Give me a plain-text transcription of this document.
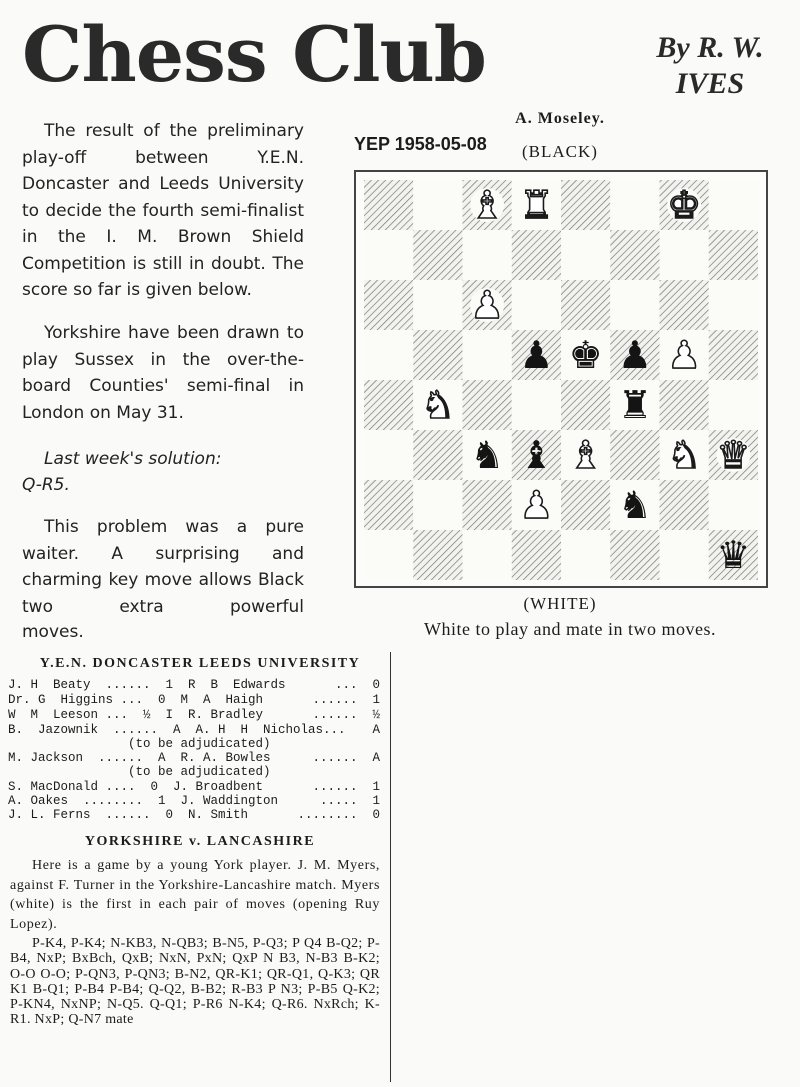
Chess Club	By R. W.
IVES
The result of the preliminary play-off between Y.E.N. Doncaster and Leeds University to decide the fourth semi-finalist in the I. M. Brown Shield Competition is still in doubt. The score so far is given below.
Yorkshire have been drawn to play Sussex in the over-the-board Counties' semi-final in London on May 31.
Last week's solution:
Q-R5.
This problem was a pure waiter. A surprising and charming key move allows Black two extra powerful
moves.
YEP 1958-05-08
A. Moseley.
(BLACK)
♝ ♜	♚
♟
♟ ♚ ♟ ♟
♞	♜
♞ ♝ ♝ ♞ ♛
♟ ♞
♛
(WHITE)
White to play and mate in two moves.
Y.E.N. DONCASTER LEEDS UNIVERSITY
J. H  Beaty  ......  1  R  B  Edwards	...  0
Dr. G  Higgins ...  0  M  A  Haigh	......  1
W  M  Leeson ...  ½  I  R. Bradley	......  ½
B.  Jazownik  ......  A  A. H  H  Nicholas... A
(to be adjudicated)
M. Jackson  ......  A  R. A. Bowles	......  A
(to be adjudicated)
S. MacDonald ....  0  J. Broadbent	......  1
A. Oakes  ........  1  J. Waddington	.....  1
J. L. Ferns  ......  0  N. Smith	........  0
YORKSHIRE v. LANCASHIRE
Here is a game by a young York player. J. M. Myers, against F. Turner in the Yorkshire-Lancashire match. Myers (white) is the first in each pair of moves (opening Ruy Lopez).
P-K4, P-K4; N-KB3, N-QB3; B-N5, P-Q3; P Q4 B-Q2; P-B4, NxP; BxBch, QxB; NxN, PxN; QxP N B3, N-B3 B-K2; O-O O-O; P-QN3, P-QN3; B-N2, QR-K1; QR-Q1, Q-K3; QR K1 B-Q1; P-B4 P-B4; Q-Q2, B-B2; R-B3 P N3; P-B5 Q-K2; P-KN4, NxNP; N-Q5. Q-Q1; P-R6 N-K4; Q-R6. NxRch; K-R1. NxP; Q-N7 mate
